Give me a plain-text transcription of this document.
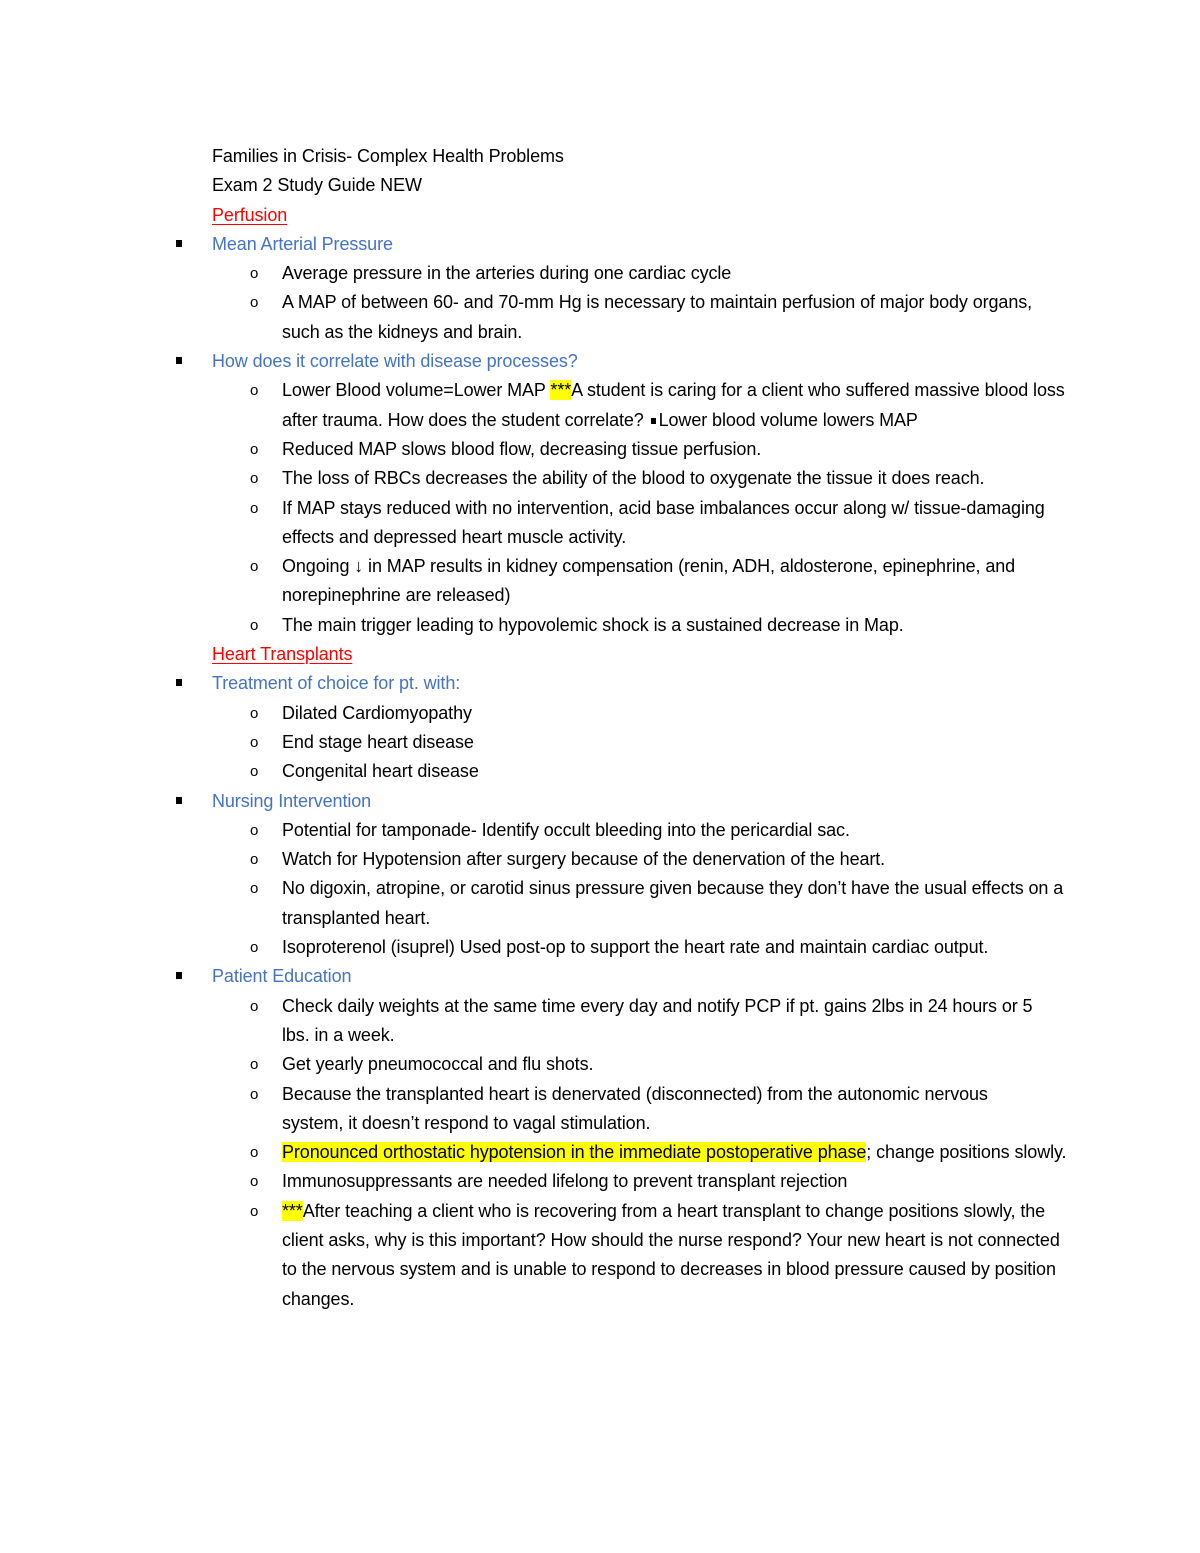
Families in Crisis- Complex Health Problems
Exam 2 Study Guide NEW
Perfusion
Mean Arterial Pressure
o Average pressure in the arteries during one cardiac cycle
o A MAP of between 60- and 70-mm Hg is necessary to maintain perfusion of major body organs, such as the kidneys and brain.
How does it correlate with disease processes?
o Lower Blood volume=Lower MAP ***A student is caring for a client who suffered massive blood loss after trauma. How does the student correlate? Lower blood volume lowers MAP
o Reduced MAP slows blood flow, decreasing tissue perfusion.
o The loss of RBCs decreases the ability of the blood to oxygenate the tissue it does reach.
o If MAP stays reduced with no intervention, acid base imbalances occur along w/ tissue-damaging effects and depressed heart muscle activity.
o Ongoing ↓ in MAP results in kidney compensation (renin, ADH, aldosterone, epinephrine, and norepinephrine are released)
o The main trigger leading to hypovolemic shock is a sustained decrease in Map.
Heart Transplants
Treatment of choice for pt. with:
o Dilated Cardiomyopathy
o End stage heart disease
o Congenital heart disease
Nursing Intervention
o Potential for tamponade- Identify occult bleeding into the pericardial sac.
o Watch for Hypotension after surgery because of the denervation of the heart.
o No digoxin, atropine, or carotid sinus pressure given because they don’t have the usual effects on a transplanted heart.
o Isoproterenol (isuprel) Used post-op to support the heart rate and maintain cardiac output.
Patient Education
o Check daily weights at the same time every day and notify PCP if pt. gains 2lbs in 24 hours or 5 lbs. in a week.
o Get yearly pneumococcal and flu shots.
o Because the transplanted heart is denervated (disconnected) from the autonomic nervous system, it doesn’t respond to vagal stimulation.
o Pronounced orthostatic hypotension in the immediate postoperative phase; change positions slowly.
o Immunosuppressants are needed lifelong to prevent transplant rejection
o ***After teaching a client who is recovering from a heart transplant to change positions slowly, the client asks, why is this important? How should the nurse respond? Your new heart is not connected to the nervous system and is unable to respond to decreases in blood pressure caused by position changes.
